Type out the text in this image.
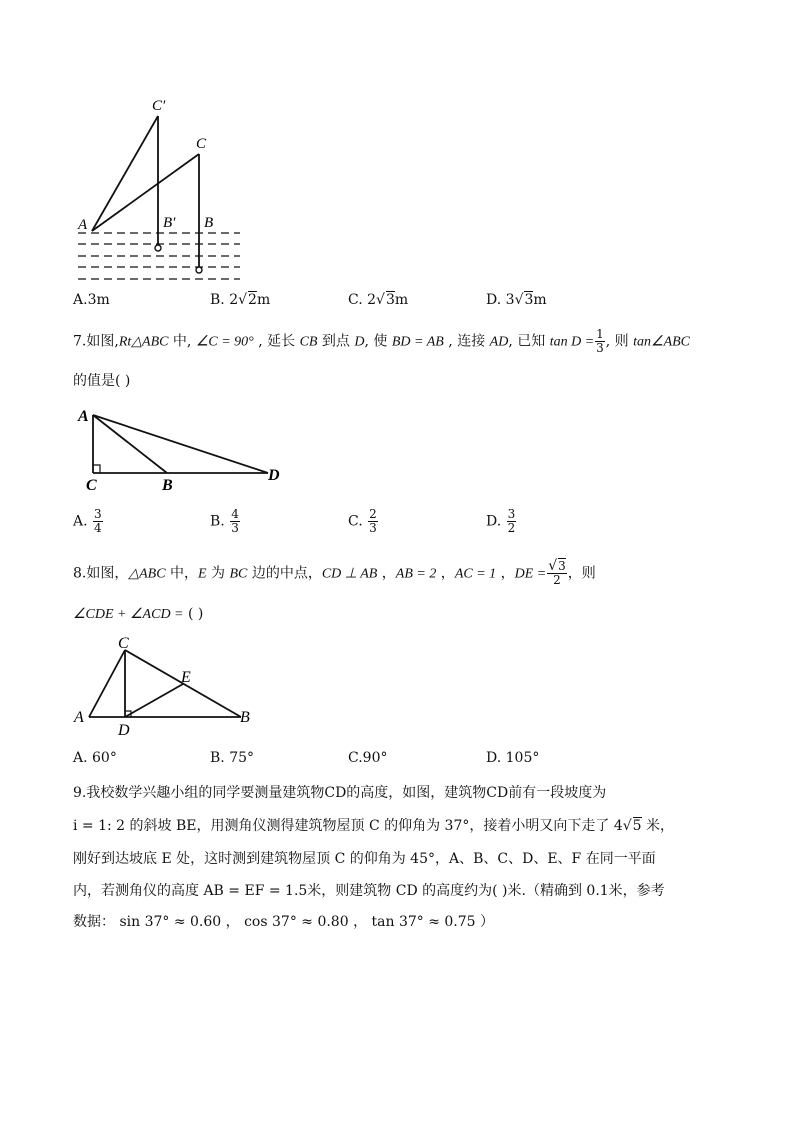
C′
C
A	B′ B
A.3m	B. 2√2m	C. 2√3m	D. 3√3m
7.如图,Rt△ABC 中, ∠C = 90° , 延长 CB 到点 D, 使 BD = AB , 连接 AD, 已知 $\tan D = \frac{1}{3}$ , 则 tan∠ABC
的值是( )
A
C	B
D
A. $\frac{3}{4}$	B. $\frac{4}{3}$	C. $\frac{2}{3}$	D. $\frac{3}{2}$
8.如图，△ABC 中，E 为 BC 边的中点，CD ⊥ AB ，AB = 2 ，AC = 1 ，DE = $\frac{√3}{2}$ ，则
∠CDE + ∠ACD = ( )
C
E
A
D
B
A. 60°	B. 75°	C.90°	D. 105°
9.我校数学兴趣小组的同学要测量建筑物CD的高度，如图，建筑物CD前有一段坡度为
i = 1: 2 的斜坡 BE，用测角仪测得建筑物屋顶 C 的仰角为 37°，接着小明又向下走了 4√5 米，
刚好到达坡底 E 处，这时测到建筑物屋顶 C 的仰角为 45°，A、B、C、D、E、F 在同一平面
内，若测角仪的高度 AB = EF = 1.5米，则建筑物 CD 的高度约为( )米.（精确到 0.1米，参考
数据： sin 37° ≈ 0.60 ， cos 37° ≈ 0.80 ， tan 37° ≈ 0.75 ）
